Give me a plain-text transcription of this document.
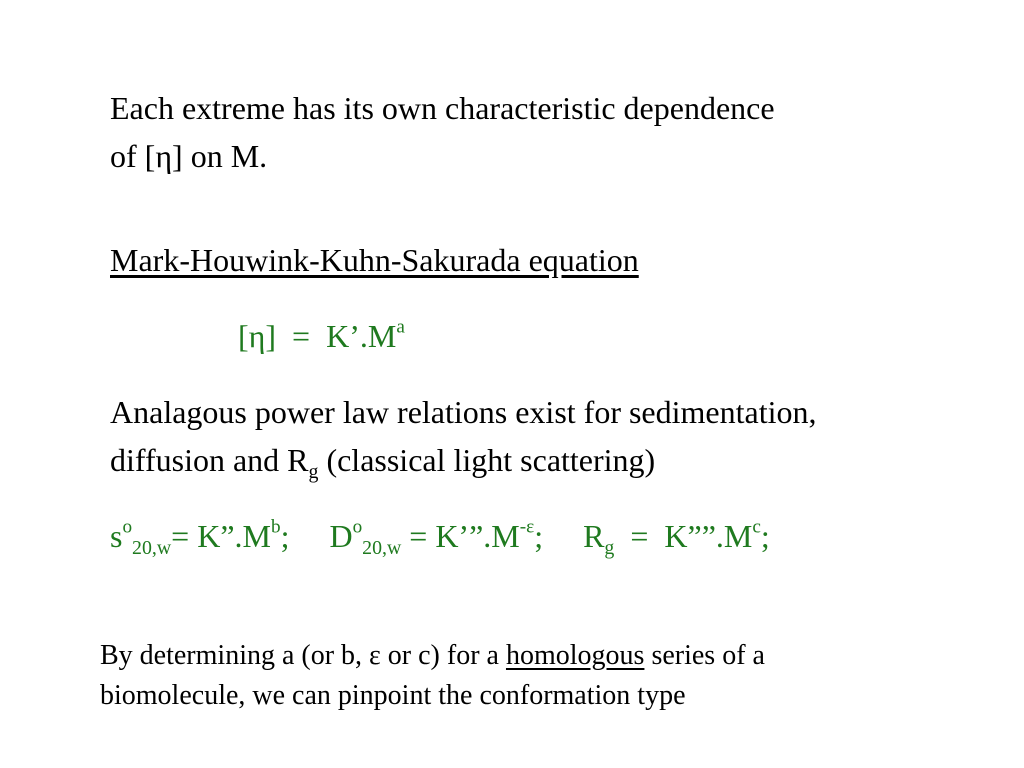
Each extreme has its own characteristic dependence
of [η] on M.
Mark-Houwink-Kuhn-Sakurada equation
$[\eta] = K’.M^a$
Analagous power law relations exist for sedimentation,
diffusion and $R_g$ (classical light scattering)
$s^o_{20,w}=$ $K”.M^b$; $D^o_{20,w}$ = $K’”.M^{-\varepsilon}$; $R_g$  =  $K””.M^c$;
By determining a (or b, ε or c) for a homologous series of a
biomolecule, we can pinpoint the conformation type
